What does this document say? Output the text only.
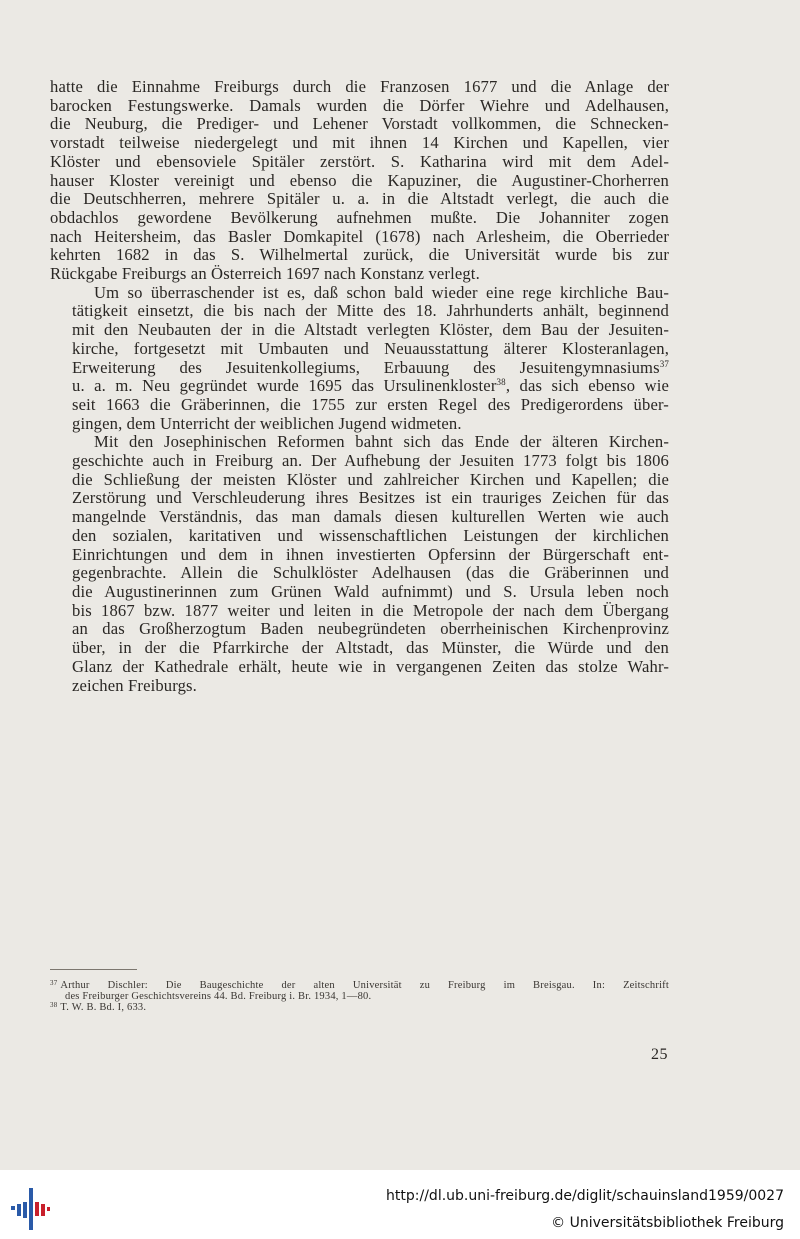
hatte die Einnahme Freiburgs durch die Franzosen 1677 und die Anlage der
barocken Festungswerke. Damals wurden die Dörfer Wiehre und Adelhausen,
die Neuburg, die Prediger- und Lehener Vorstadt vollkommen, die Schnecken-
vorstadt teilweise niedergelegt und mit ihnen 14 Kirchen und Kapellen, vier
Klöster und ebensoviele Spitäler zerstört. S. Katharina wird mit dem Adel-
hauser Kloster vereinigt und ebenso die Kapuziner, die Augustiner-Chorherren
die Deutschherren, mehrere Spitäler u. a. in die Altstadt verlegt, die auch die
obdachlos gewordene Bevölkerung aufnehmen mußte. Die Johanniter zogen
nach Heitersheim, das Basler Domkapitel (1678) nach Arlesheim, die Oberrieder
kehrten 1682 in das S. Wilhelmertal zurück, die Universität wurde bis zur
Rückgabe Freiburgs an Österreich 1697 nach Konstanz verlegt.

Um so überraschender ist es, daß schon bald wieder eine rege kirchliche Bau-
tätigkeit einsetzt, die bis nach der Mitte des 18. Jahrhunderts anhält, beginnend
mit den Neubauten der in die Altstadt verlegten Klöster, dem Bau der Jesuiten-
kirche, fortgesetzt mit Umbauten und Neuausstattung älterer Klosteranlagen,
Erweiterung des Jesuitenkollegiums, Erbauung des Jesuitengymnasiums$^{37}$
u. a. m. Neu gegründet wurde 1695 das Ursulinenkloster$^{38}$, das sich ebenso wie
seit 1663 die Gräberinnen, die 1755 zur ersten Regel des Predigerordens über-
gingen, dem Unterricht der weiblichen Jugend widmeten.

Mit den Josephinischen Reformen bahnt sich das Ende der älteren Kirchen-
geschichte auch in Freiburg an. Der Aufhebung der Jesuiten 1773 folgt bis 1806
die Schließung der meisten Klöster und zahlreicher Kirchen und Kapellen; die
Zerstörung und Verschleuderung ihres Besitzes ist ein trauriges Zeichen für das
mangelnde Verständnis, das man damals diesen kulturellen Werten wie auch
den sozialen, karitativen und wissenschaftlichen Leistungen der kirchlichen
Einrichtungen und dem in ihnen investierten Opfersinn der Bürgerschaft ent-
gegenbrachte. Allein die Schulklöster Adelhausen (das die Gräberinnen und
die Augustinerinnen zum Grünen Wald aufnimmt) und S. Ursula leben noch
bis 1867 bzw. 1877 weiter und leiten in die Metropole der nach dem Übergang
an das Großherzogtum Baden neubegründeten oberrheinischen Kirchenprovinz
über, in der die Pfarrkirche der Altstadt, das Münster, die Würde und den
Glanz der Kathedrale erhält, heute wie in vergangenen Zeiten das stolze Wahr-
zeichen Freiburgs.

$^{37}$ Arthur Dischler: Die Baugeschichte der alten Universität zu Freiburg im Breisgau. In: Zeitschrift
des Freiburger Geschichtsvereins 44. Bd. Freiburg i. Br. 1934, 1—80.
$^{38}$ T. W. B. Bd. I, 633.
25
http://dl.ub.uni-freiburg.de/diglit/schauinsland1959/0027
© Universitätsbibliothek Freiburg
